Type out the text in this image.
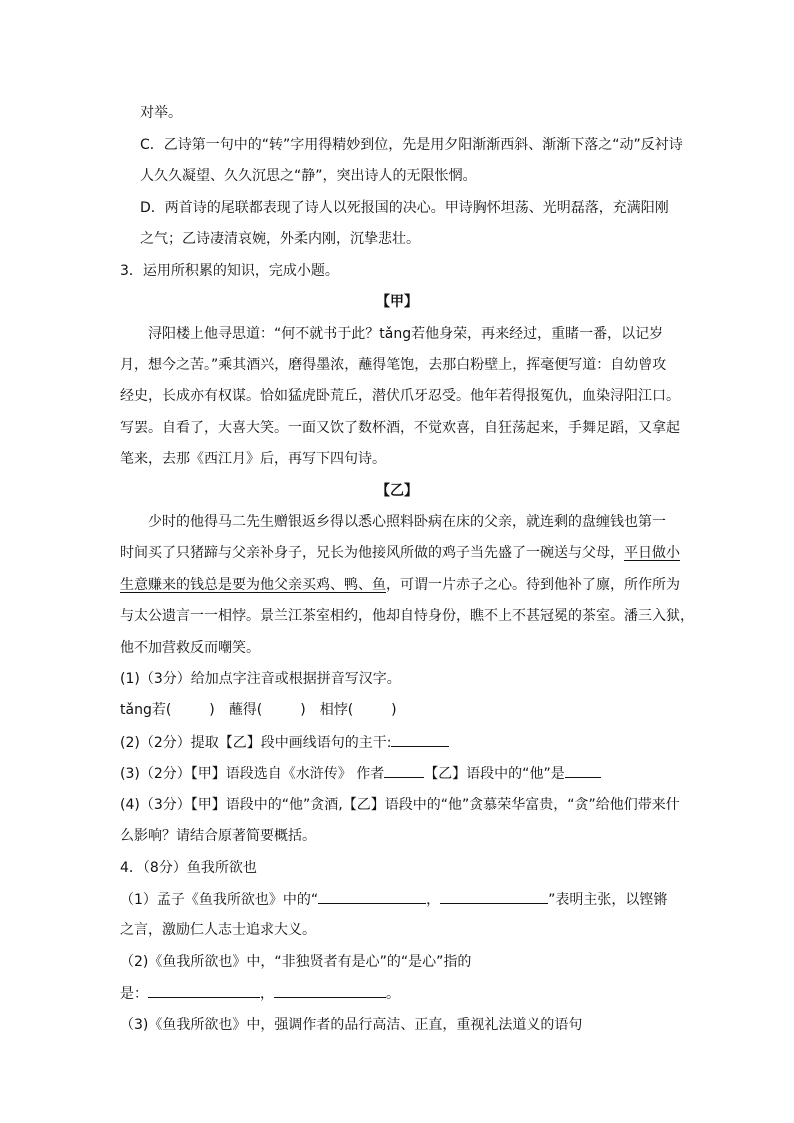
对举。
C．乙诗第一句中的“转”字用得精妙到位，先是用夕阳渐渐西斜、渐渐下落之“动”反衬诗
人久久凝望、久久沉思之“静”，突出诗人的无限怅惘。
D．两首诗的尾联都表现了诗人以死报国的决心。甲诗胸怀坦荡、光明磊落，充满阳刚
之气；乙诗凄清哀婉，外柔内刚，沉挚悲壮。
3．运用所积累的知识，完成小题。
【甲】
浔阳楼上他寻思道：“何不就书于此？tǎng若他身荣，再来经过，重睹一番，以记岁
月，想今之苦。”乘其酒兴，磨得墨浓，蘸得笔饱，去那白粉壁上，挥毫便写道：自幼曾攻
经史，长成亦有权谋。恰如猛虎卧荒丘，潜伏爪牙忍受。他年若得报冤仇，血染浔阳江口。
写罢。自看了，大喜大笑。一面又饮了数杯酒，不觉欢喜，自狂荡起来，手舞足蹈，又拿起
笔来，去那《西江月》后，再写下四句诗。
【乙】
少时的他得马二先生赠银返乡得以悉心照料卧病在床的父亲，就连剩的盘缠钱也第一
时间买了只猪蹄与父亲补身子，兄长为他接风所做的鸡子当先盛了一碗送与父母，平日做小
生意赚来的钱总是要为他父亲买鸡、鸭、鱼，可谓一片赤子之心。待到他补了廪，所作所为
与太公遗言一一相悖。景兰江茶室相约，他却自恃身份，瞧不上不甚冠冕的茶室。潘三入狱，
他不加营救反而嘲笑。
(1)（3分）给加点字注音或根据拼音写汉字。
tǎng若(	)　蘸得(	)　相悖(	)
(2)（2分）提取【乙】段中画线语句的主干:
(3)（2分）【甲】语段选自《水浒传》 作者	【乙】语段中的“他”是
(4)（3分）【甲】语段中的“他”贪酒,【乙】语段中的“他”贪慕荣华富贵，“贪”给他们带来什
么影响？请结合原著简要概括。
4．（8分）鱼我所欲也
（1）孟子《鱼我所欲也》中的“	，	”表明主张，以铿锵
之言，激励仁人志士追求大义。
（2)《鱼我所欲也》中，“非独贤者有是心”的“是心”指的
是：	，	。
（3)《鱼我所欲也》中，强调作者的品行高洁、正直，重视礼法道义的语句
